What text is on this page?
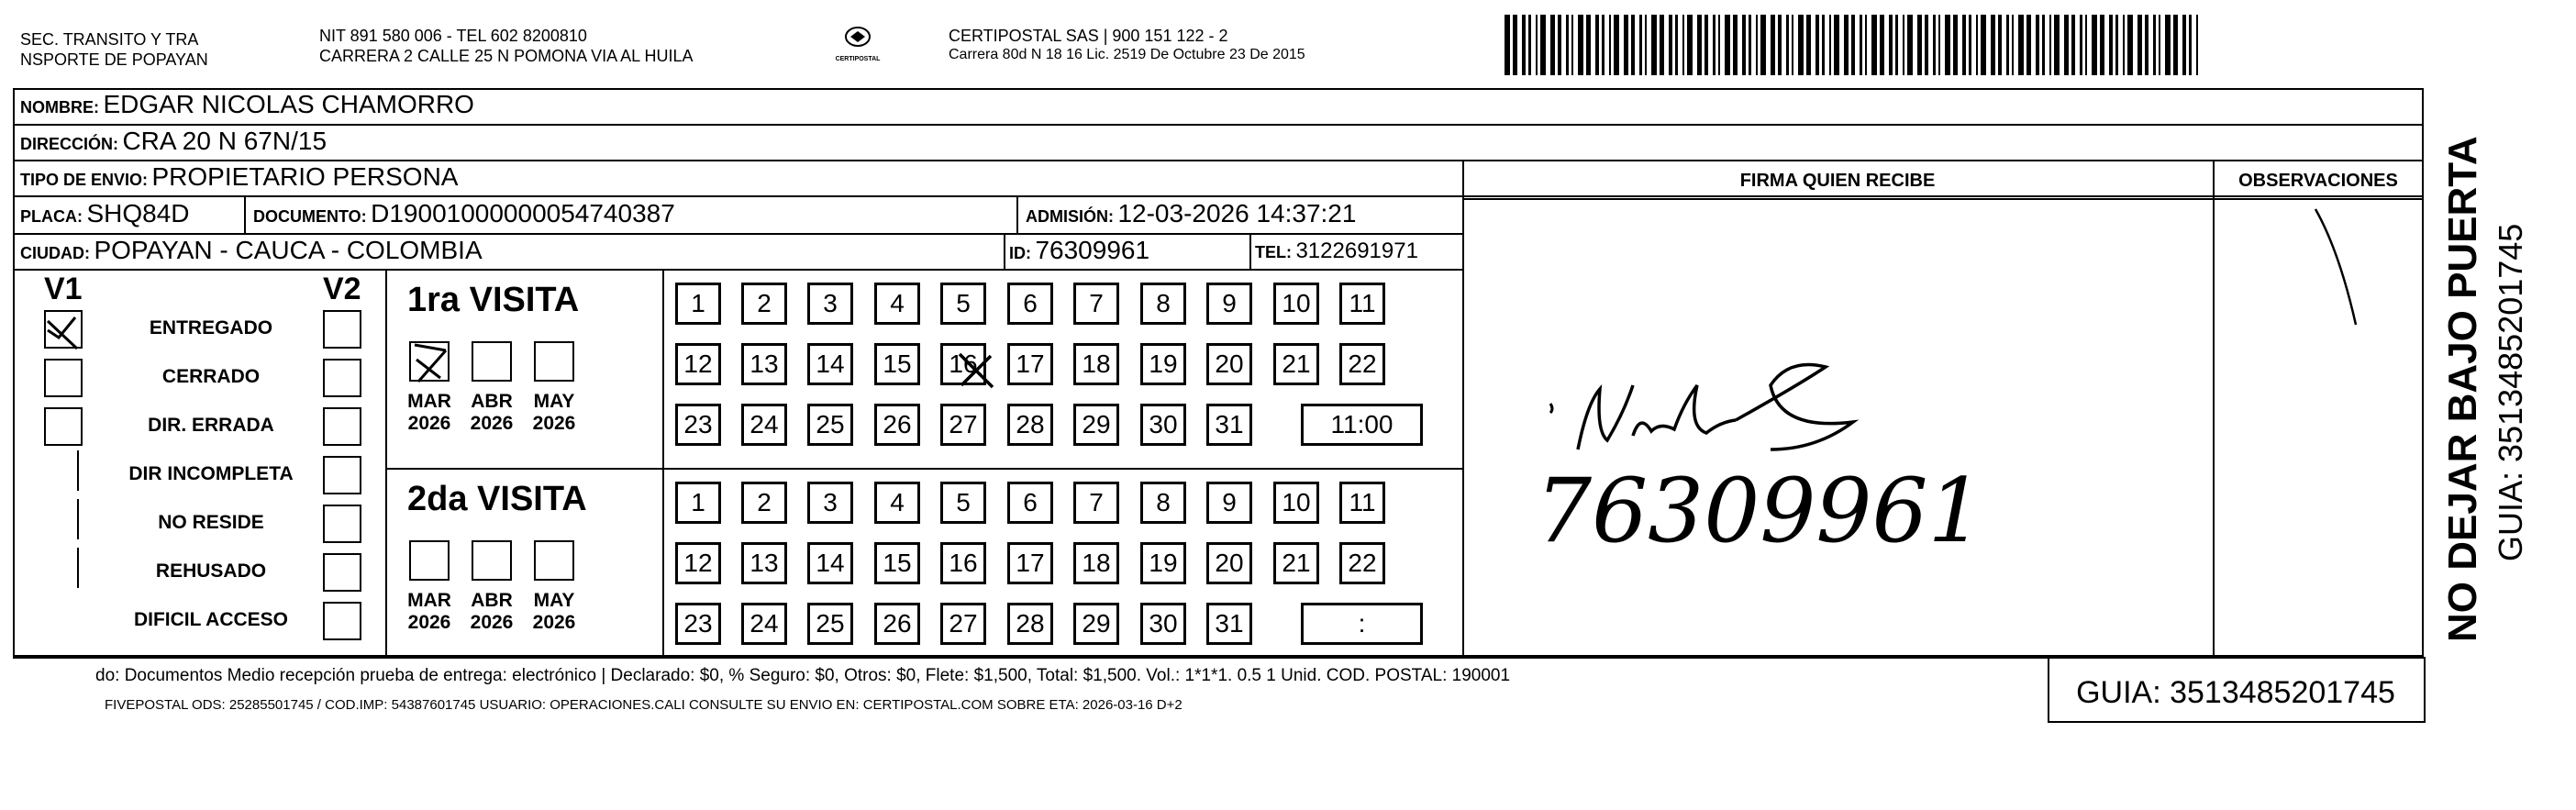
SEC. TRANSITO Y TRA
NSPORTE DE POPAYAN
NIT 891 580 006 - TEL 602 8200810
CARRERA 2 CALLE 25 N POMONA VIA AL HUILA	CERTIPOSTAL
CERTIPOSTAL SAS | 900 151 122 - 2
Carrera 80d N 18 16 Lic. 2519 De Octubre 23 De 2015
NOMBRE: EDGAR NICOLAS CHAMORRO
DIRECCIÓN: CRA 20 N 67N/15
TIPO DE ENVIO: PROPIETARIO PERSONA
PLACA: SHQ84D	DOCUMENTO: D19001000000054740387	ADMISIÓN: 12-03-2026 14:37:21
CIUDAD: POPAYAN - CAUCA - COLOMBIA	ID: 76309961	TEL: 3122691971
FIRMA QUIEN RECIBE	OBSERVACIONES
V1	V2
ENTREGADO
CERRADO
DIR. ERRADA
DIR INCOMPLETA
NO RESIDE
REHUSADO
DIFICIL ACCESO
1ra VISITA
MAR
2026
ABR
2026
MAY
2026
1	2	3	4	5	6	7	8	9	10	11
12	13	14	15	16	17	18	19	20	21	22
23	24	25	26	27	28	29	30	31	11:00
2da VISITA
MAR
2026
ABR
2026
MAY
2026
1	2	3	4	5	6	7	8	9	10	11
12	13	14	15	16	17	18	19	20	21	22
23	24	25	26	27	28	29	30	31	:
76309961
do: Documentos Medio recepción prueba de entrega: electrónico | Declarado: $0, % Seguro: $0, Otros: $0, Flete: $1,500, Total: $1,500. Vol.: 1*1*1. 0.5 1 Unid. COD. POSTAL: 190001
FIVEPOSTAL ODS: 25285501745 / COD.IMP: 54387601745 USUARIO: OPERACIONES.CALI CONSULTE SU ENVIO EN: CERTIPOSTAL.COM SOBRE ETA: 2026-03-16 D+2	GUIA: 3513485201745
NO DEJAR BAJO PUERTA GUIA: 3513485201745
